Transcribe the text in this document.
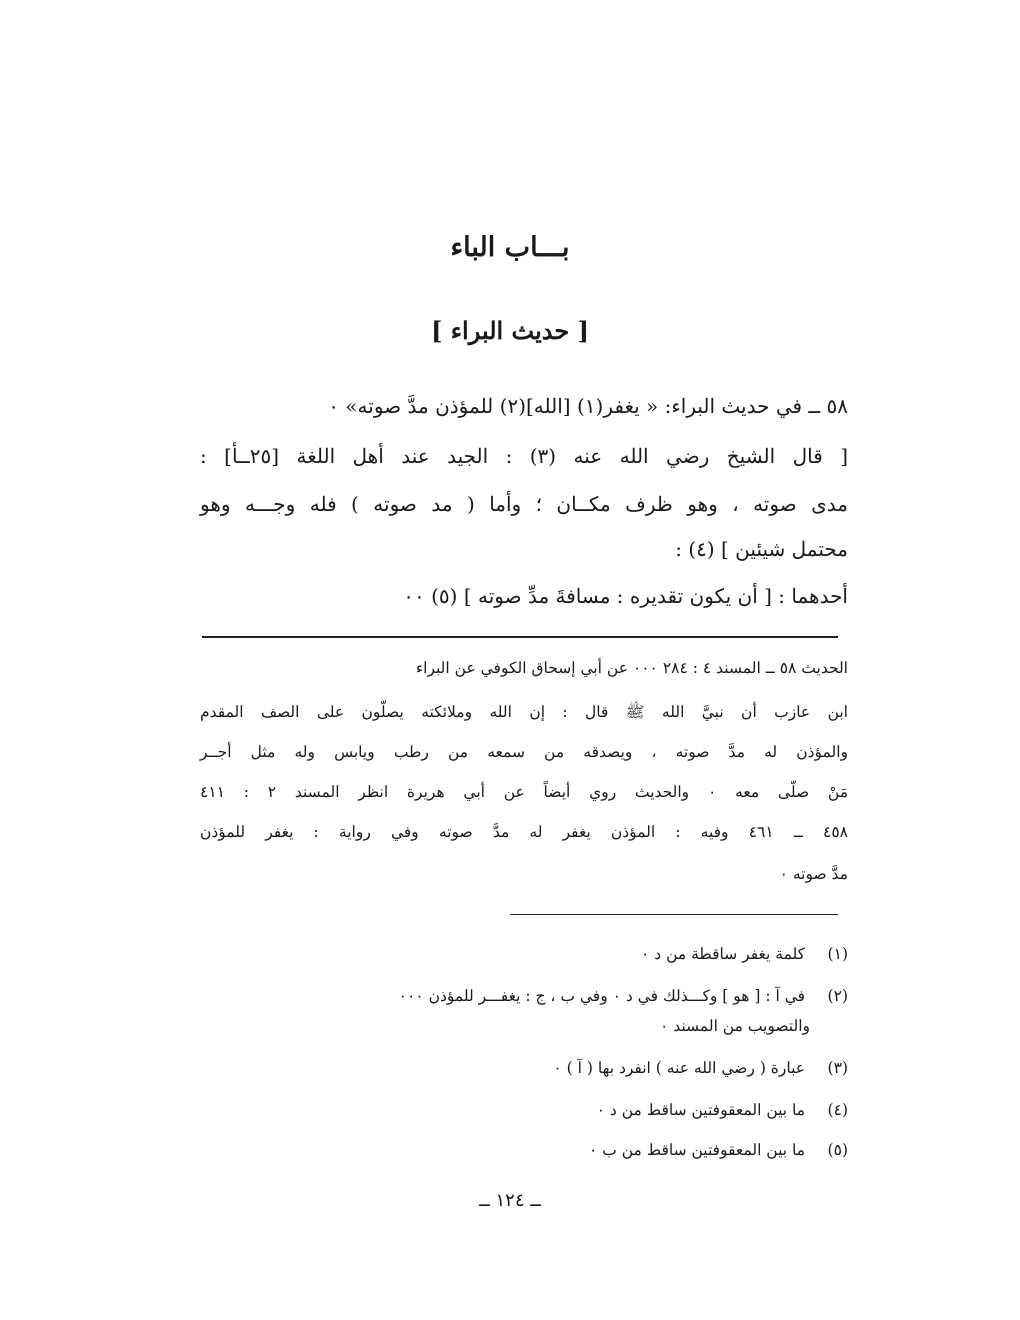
بـــاب الباء
[ حديث البراء ]
٥٨ ــ في حديث البراء: « يغفر(١) [الله](٢) للمؤذن مدَّ صوته» ٠
[ قال الشيخ رضي الله عنه (٣) : الجيد عند أهل اللغة [٢٥ــأ] :
مدى صوته ، وهو ظرف مكــان ؛ وأما ( مد صوته ) فله وجـــه وهو
محتمل شيئين ] (٤) :
أحدهما : [ أن يكون تقديره : مسافةَ مدِّ صوته ] (٥) ٠٠
الحديث ٥٨ ــ المسند ٤ : ٢٨٤ ٠٠٠ عن أبي إسحاق الكوفي عن البراء
ابن عازب أن نبيَّ الله ﷺ قال : إن الله وملائكته يصلّون على الصف المقدم
والمؤذن له مدَّ صوته ، ويصدقه من سمعه من رطب ويابس وله مثل أجــر
مَنْ صلّى معه ٠ والحديث روي أيضاً عن أبي هريرة انظر المسند ٢ : ٤١١
٤٥٨ ــ ٤٦١ وفيه : المؤذن يغفر له مدَّ صوته وفي رواية : يغفر للمؤذن
مدَّ صوته ٠
(١) كلمة يغفر ساقطة من د ٠
(٢) في آ : [ هو ] وكـــذلك في د ٠ وفي ب ، ج : يغفـــر للمؤذن ٠٠٠
والتصويب من المسند ٠
(٣) عبارة ( رضي الله عنه ) انفرد بها ( آ ) ٠
(٤) ما بين المعقوفتين ساقط من د ٠
(٥) ما بين المعقوفتين ساقط من ب ٠
ــ ١٢٤ ــ
